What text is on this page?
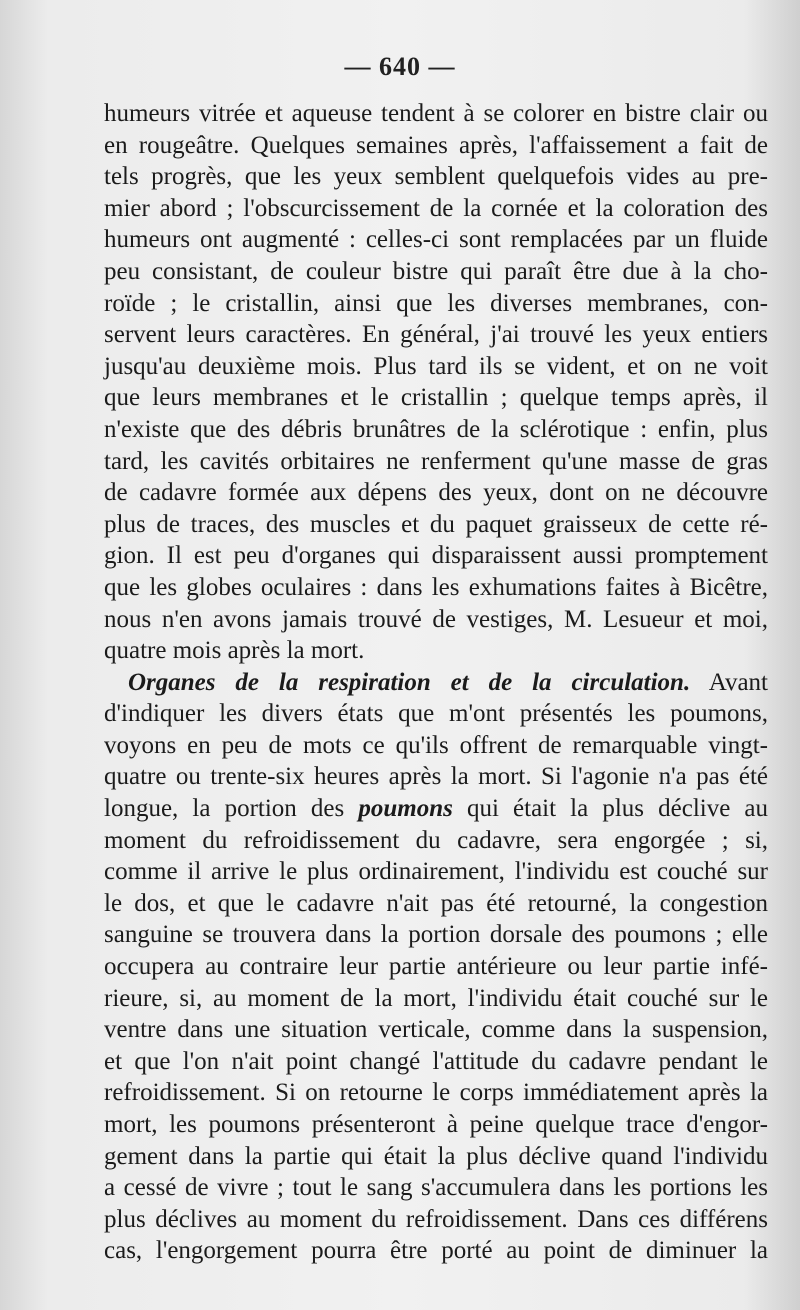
— 640 —
humeurs vitrée et aqueuse tendent à se colorer en bistre clair ou
en rougeâtre. Quelques semaines après, l'affaissement a fait de
tels progrès, que les yeux semblent quelquefois vides au pre-
mier abord ; l'obscurcissement de la cornée et la coloration des
humeurs ont augmenté : celles-ci sont remplacées par un fluide
peu consistant, de couleur bistre qui paraît être due à la cho-
roïde ; le cristallin, ainsi que les diverses membranes, con-
servent leurs caractères. En général, j'ai trouvé les yeux entiers
jusqu'au deuxième mois. Plus tard ils se vident, et on ne voit
que leurs membranes et le cristallin ; quelque temps après, il
n'existe que des débris brunâtres de la sclérotique : enfin, plus
tard, les cavités orbitaires ne renferment qu'une masse de gras
de cadavre formée aux dépens des yeux, dont on ne découvre
plus de traces, des muscles et du paquet graisseux de cette ré-
gion. Il est peu d'organes qui disparaissent aussi promptement
que les globes oculaires : dans les exhumations faites à Bicêtre,
nous n'en avons jamais trouvé de vestiges, M. Lesueur et moi,
quatre mois après la mort.
Organes de la respiration et de la circulation. Avant
d'indiquer les divers états que m'ont présentés les poumons,
voyons en peu de mots ce qu'ils offrent de remarquable vingt-
quatre ou trente-six heures après la mort. Si l'agonie n'a pas été
longue, la portion des poumons qui était la plus déclive au
moment du refroidissement du cadavre, sera engorgée ; si,
comme il arrive le plus ordinairement, l'individu est couché sur
le dos, et que le cadavre n'ait pas été retourné, la congestion
sanguine se trouvera dans la portion dorsale des poumons ; elle
occupera au contraire leur partie antérieure ou leur partie infé-
rieure, si, au moment de la mort, l'individu était couché sur le
ventre dans une situation verticale, comme dans la suspension,
et que l'on n'ait point changé l'attitude du cadavre pendant le
refroidissement. Si on retourne le corps immédiatement après la
mort, les poumons présenteront à peine quelque trace d'engor-
gement dans la partie qui était la plus déclive quand l'individu
a cessé de vivre ; tout le sang s'accumulera dans les portions les
plus déclives au moment du refroidissement. Dans ces différens
cas, l'engorgement pourra être porté au point de diminuer la
